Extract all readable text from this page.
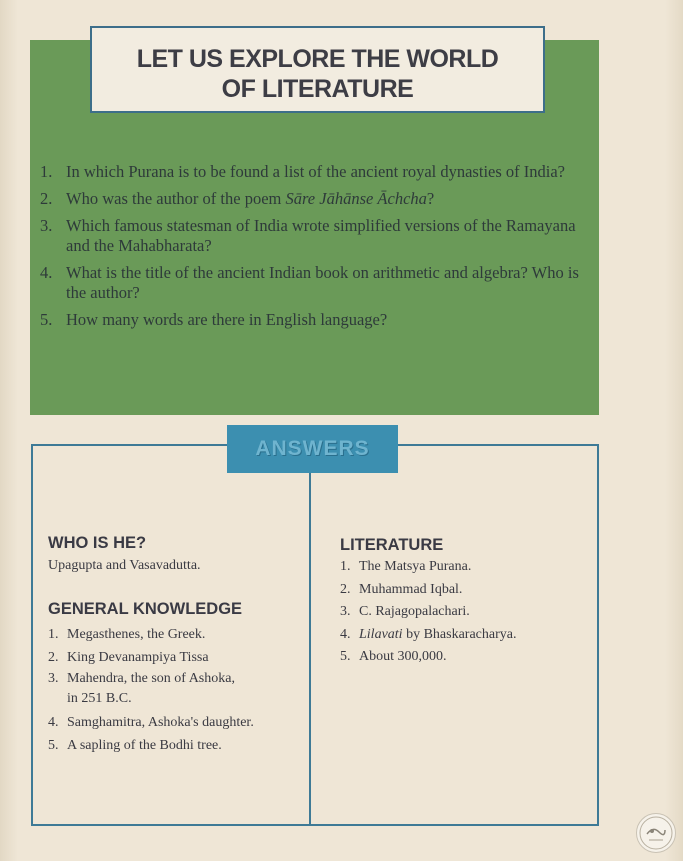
LET US EXPLORE THE WORLD
OF LITERATURE
1. In which Purana is to be found a list of the ancient royal dynasties of India?
2. Who was the author of the poem Sāre Jāhānse Āchcha?
3. Which famous statesman of India wrote simplified versions of the Ramayana and the Mahabharata?
4. What is the title of the ancient Indian book on arithmetic and algebra? Who is the author?
5. How many words are there in English language?
ANSWERS
WHO IS HE?
Upagupta and Vasavadutta.
GENERAL KNOWLEDGE
1. Megasthenes, the Greek.
2. King Devanampiya Tissa
3. Mahendra, the son of Ashoka,
in 251 B.C.
4. Samghamitra, Ashoka's daughter.
5. A sapling of the Bodhi tree.
LITERATURE
1. The Matsya Purana.
2. Muhammad Iqbal.
3. C. Rajagopalachari.
4. Lilavati by Bhaskaracharya.
5. About 300,000.
